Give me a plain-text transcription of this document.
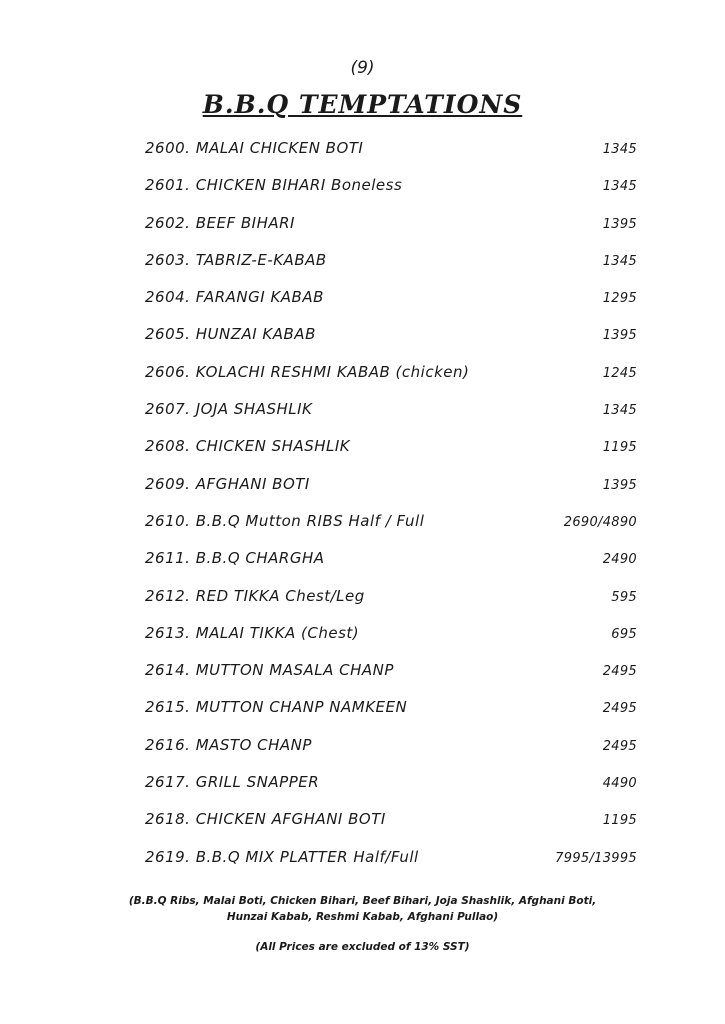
(9)
B.B.Q TEMPTATIONS
2600. MALAI CHICKEN BOTI	1345
2601. CHICKEN BIHARI Boneless	1345
2602. BEEF BIHARI	1395
2603. TABRIZ-E-KABAB	1345
2604. FARANGI KABAB	1295
2605. HUNZAI KABAB	1395
2606. KOLACHI RESHMI KABAB (chicken)	1245
2607. JOJA SHASHLIK	1345
2608. CHICKEN SHASHLIK	1195
2609. AFGHANI BOTI	1395
2610. B.B.Q Mutton RIBS Half / Full	2690/4890
2611. B.B.Q CHARGHA	2490
2612. RED TIKKA Chest/Leg	595
2613. MALAI TIKKA (Chest)	695
2614. MUTTON MASALA CHANP	2495
2615. MUTTON CHANP NAMKEEN	2495
2616. MASTO CHANP	2495
2617. GRILL SNAPPER	4490
2618. CHICKEN AFGHANI BOTI	1195
2619. B.B.Q MIX PLATTER Half/Full	7995/13995
(B.B.Q Ribs, Malai Boti, Chicken Bihari, Beef Bihari, Joja Shashlik, Afghani Boti,
Hunzai Kabab, Reshmi Kabab, Afghani Pullao)
(All Prices are excluded of 13% SST)
